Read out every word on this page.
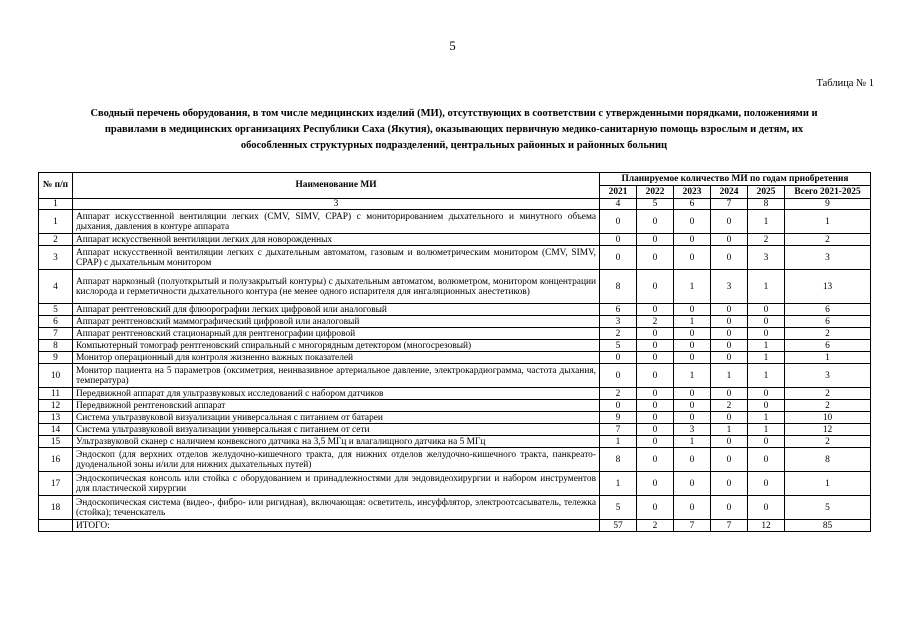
5
Таблица № 1
Сводный перечень оборудования, в том числе медицинских изделий (МИ), отсутствующих в соответствии с утвержденными порядками, положениями и
правилами в медицинских организациях Республики Саха (Якутия), оказывающих первичную медико-санитарную помощь взрослым и детям, их
обособленных структурных подразделений, центральных районных и районных больниц
№ п/п	Наименование МИ	Планируемое количество МИ по годам приобретения					
		2021	2022	2023	2024	2025	Всего 2021-2025
1	3	4	5	6	7	8	9
1	Аппарат искусственной вентиляции легких (CMV, SIMV, CPAP) с мониторированием дыхательного и минутного объема дыхания, давления в контуре аппарата	0	0	0	0	1	1
2	Аппарат искусственной вентиляции легких для новорожденных	0	0	0	0	2	2
3	Аппарат искусственной вентиляции легких с дыхательным автоматом, газовым и волюметрическим монитором (CMV, SIMV, CPAP) с дыхательным монитором	0	0	0	0	3	3
4	Аппарат наркозный (полуоткрытый и полузакрытый контуры) с дыхательным автоматом, волюметром, монитором концентрации кислорода и герметичности дыхательного контура (не менее одного испарителя для ингаляционных анестетиков)	8	0	1	3	1	13
5	Аппарат рентгеновский для флюорографии легких цифровой или аналоговый	6	0	0	0	0	6
6	Аппарат рентгеновский маммографический цифровой или аналоговый	3	2	1	0	0	6
7	Аппарат рентгеновский стационарный для рентгенографии цифровой	2	0	0	0	0	2
8	Компьютерный томограф рентгеновский спиральный с многорядным детектором (многосрезовый)	5	0	0	0	1	6
9	Монитор операционный для контроля жизненно важных показателей	0	0	0	0	1	1
10	Монитор пациента на 5 параметров (оксиметрия, неинвазивное артериальное давление, электрокардиограмма, частота дыхания, температура)	0	0	1	1	1	3
11	Передвижной аппарат для ультразвуковых исследований с набором датчиков	2	0	0	0	0	2
12	Передвижной рентгеновский аппарат	0	0	0	2	0	2
13	Система ультразвуковой визуализации универсальная с питанием от батареи	9	0	0	0	1	10
14	Система ультразвуковой визуализации универсальная с питанием от сети	7	0	3	1	1	12
15	Ультразвуковой сканер с наличием конвексного датчика на 3,5 МГц и влагалищного датчика на 5 МГц	1	0	1	0	0	2
16	Эндоскоп (для верхних отделов желудочно-кишечного тракта, для нижних отделов желудочно-кишечного тракта, панкреато-дуоденальной зоны и/или для нижних дыхательных путей)	8	0	0	0	0	8
17	Эндоскопическая консоль или стойка с оборудованием и принадлежностями для эндовидеохирургии и набором инструментов для пластической хирургии	1	0	0	0	0	1
18	Эндоскопическая система (видео-, фибро- или ригидная), включающая: осветитель, инсуффлятор, электроотсасыватель, тележка (стойка); теченскатель	5	0	0	0	0	5
	ИТОГО:	57	2	7	7	12	85
